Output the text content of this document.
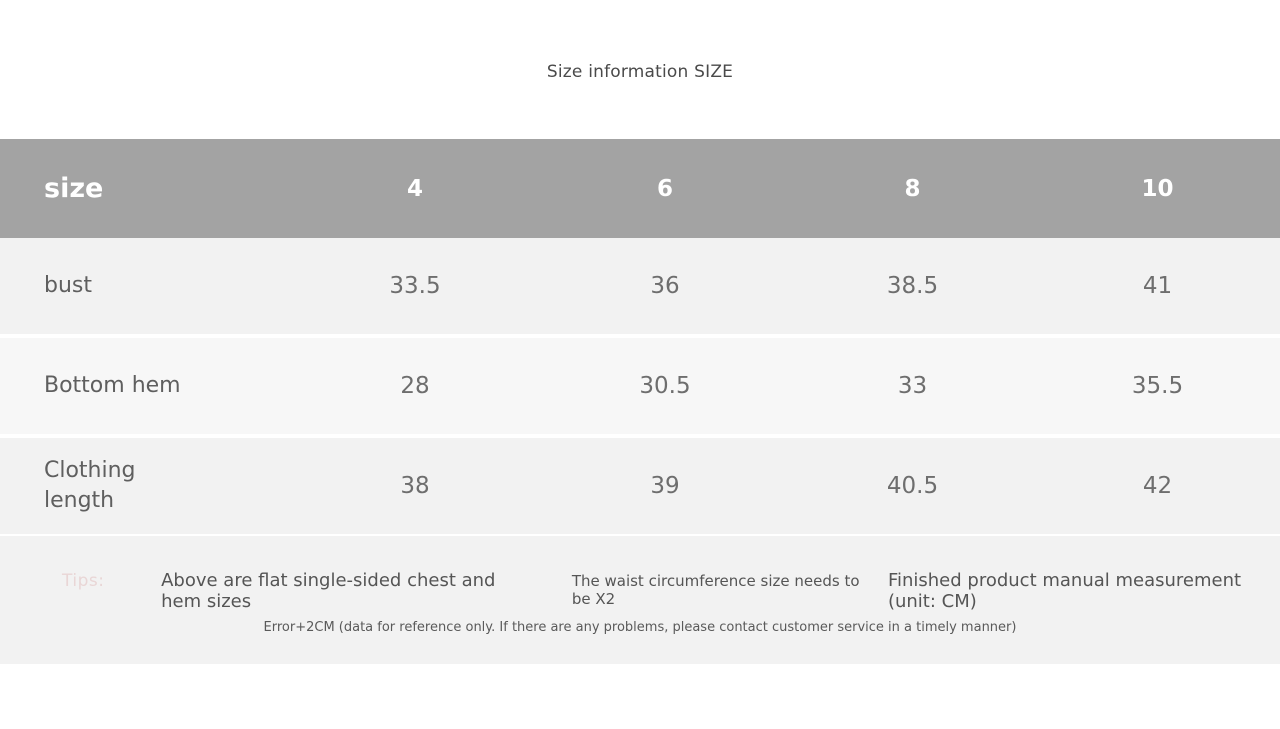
Size information SIZE
size	4	6	8	10

bust	33.5	36	38.5	41

Bottom hem	28	30.5	33	35.5

Clothing length	38	39	40.5	42
Tips:	Above are flat single-sided chest and hem sizes
The waist circumference size needs to be X2
Finished product manual measurement (unit: CM)
Error+2CM (data for reference only. If there are any problems, please contact customer service in a timely manner)
